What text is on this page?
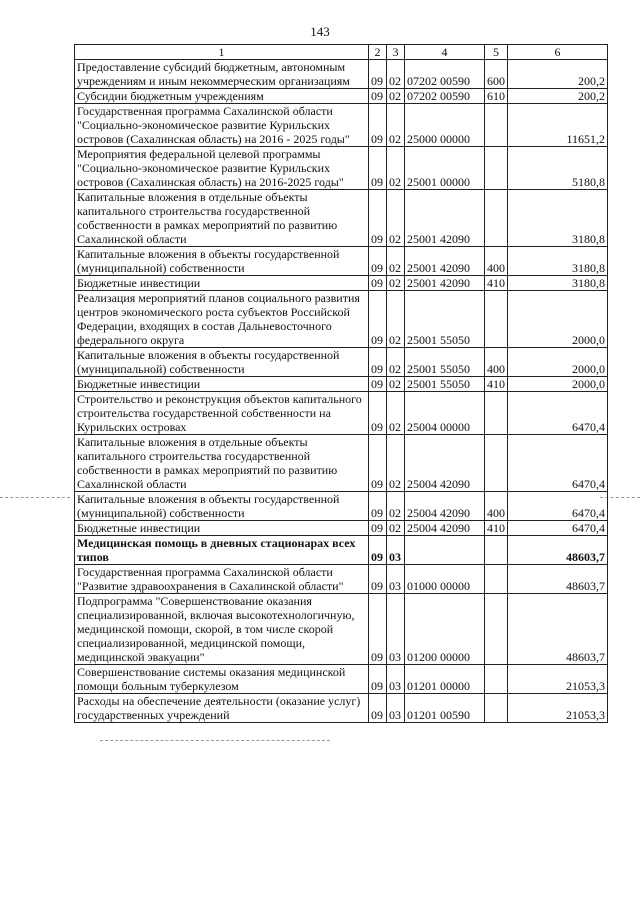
143
1	2	3	4	5	6
Предоставление субсидий бюджетным, автономным учреждениям и иным некоммерческим организациям	09	02	07202 00590	600	200,2
Субсидии бюджетным учреждениям	09	02	07202 00590	610	200,2
Государственная программа Сахалинской области "Социально-экономическое развитие Курильских островов (Сахалинская область) на 2016 - 2025 годы"	09	02	25000 00000		11651,2
Мероприятия федеральной целевой программы "Социально-экономическое развитие Курильских островов (Сахалинская область) на 2016-2025 годы"	09	02	25001 00000		5180,8
Капитальные вложения в отдельные объекты капитального строительства государственной собственности в рамках мероприятий по развитию Сахалинской области	09	02	25001 42090		3180,8
Капитальные вложения в объекты государственной (муниципальной) собственности	09	02	25001 42090	400	3180,8
Бюджетные инвестиции	09	02	25001 42090	410	3180,8
Реализация мероприятий планов социального развития центров экономического роста субъектов Российской Федерации, входящих в состав Дальневосточного федерального округа	09	02	25001 55050		2000,0
Капитальные вложения в объекты государственной (муниципальной) собственности	09	02	25001 55050	400	2000,0
Бюджетные инвестиции	09	02	25001 55050	410	2000,0
Строительство и реконструкция объектов капитального строительства государственной собственности на Курильских островах	09	02	25004 00000		6470,4
Капитальные вложения в отдельные объекты капитального строительства государственной собственности в рамках мероприятий по развитию Сахалинской области	09	02	25004 42090		6470,4
Капитальные вложения в объекты государственной (муниципальной) собственности	09	02	25004 42090	400	6470,4
Бюджетные инвестиции	09	02	25004 42090	410	6470,4
Медицинская помощь в дневных стационарах всех типов	09	03			48603,7
Государственная программа Сахалинской области "Развитие здравоохранения в Сахалинской области"	09	03	01000 00000		48603,7
Подпрограмма "Совершенствование оказания специализированной, включая высокотехнологичную, медицинской помощи, скорой, в том числе скорой специализированной, медицинской помощи, медицинской эвакуации"	09	03	01200 00000		48603,7
Совершенствование системы оказания медицинской помощи больным туберкулезом	09	03	01201 00000		21053,3
Расходы на обеспечение деятельности (оказание услуг) государственных учреждений	09	03	01201 00590		21053,3
